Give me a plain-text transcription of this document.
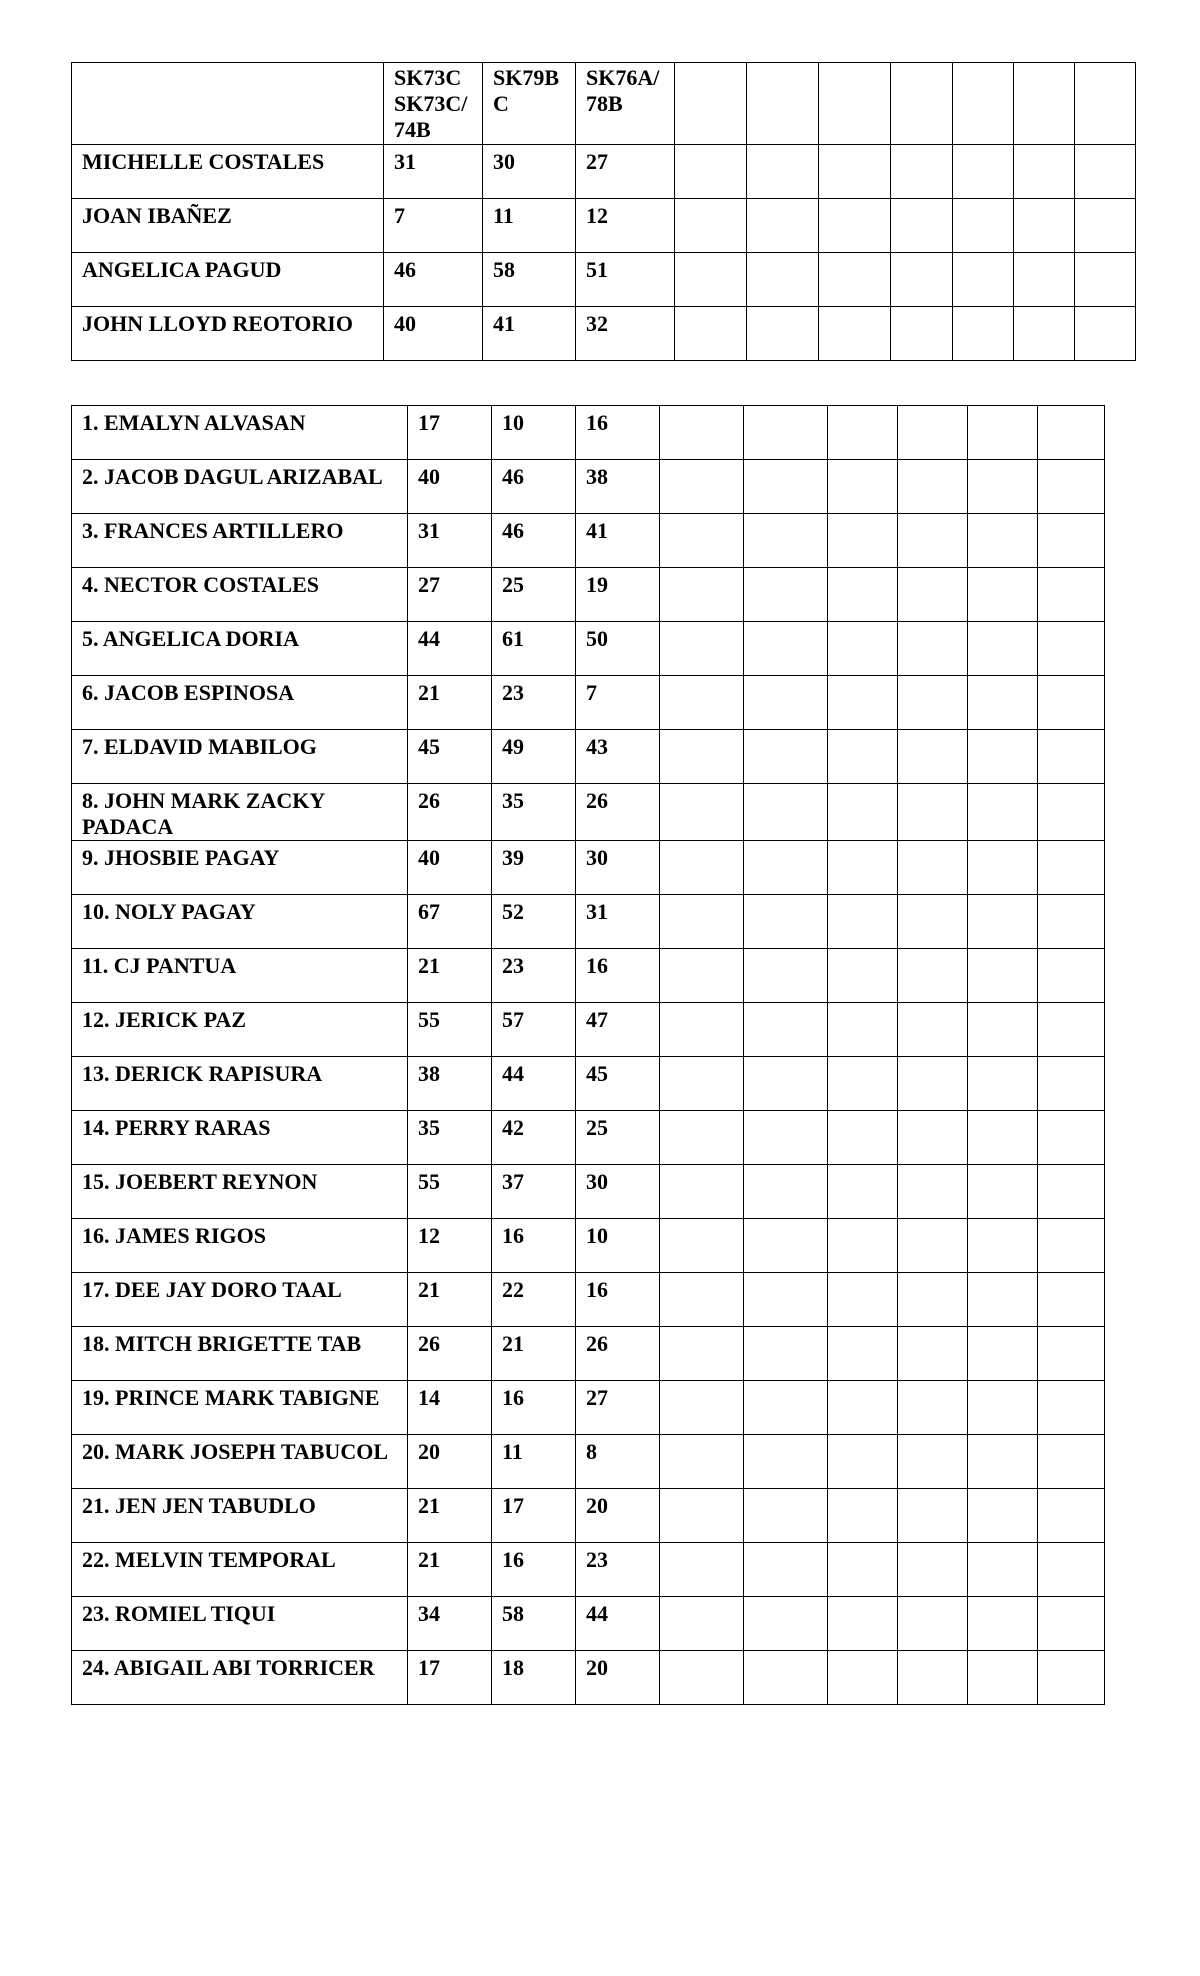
	SK73C SK73C/ 74B	SK79B C	SK76A/ 78B							
MICHELLE COSTALES	31	30	27							
JOAN IBAÑEZ	7	11	12							
ANGELICA PAGUD	46	58	51							
JOHN LLOYD REOTORIO	40	41	32							
1. EMALYN ALVASAN	17	10	16						
2. JACOB DAGUL ARIZABAL	40	46	38						
3. FRANCES ARTILLERO	31	46	41						
4. NECTOR COSTALES	27	25	19						
5. ANGELICA DORIA	44	61	50						
6. JACOB ESPINOSA	21	23	7						
7. ELDAVID MABILOG	45	49	43						
8. JOHN MARK ZACKY PADACA	26	35	26						
9. JHOSBIE PAGAY	40	39	30						
10. NOLY PAGAY	67	52	31						
11. CJ PANTUA	21	23	16						
12. JERICK PAZ	55	57	47						
13. DERICK RAPISURA	38	44	45						
14. PERRY RARAS	35	42	25						
15. JOEBERT REYNON	55	37	30						
16. JAMES RIGOS	12	16	10						
17. DEE JAY DORO TAAL	21	22	16						
18. MITCH BRIGETTE TAB	26	21	26						
19. PRINCE MARK TABIGNE	14	16	27						
20. MARK JOSEPH TABUCOL	20	11	8						
21. JEN JEN TABUDLO	21	17	20						
22. MELVIN TEMPORAL	21	16	23						
23. ROMIEL TIQUI	34	58	44						
24. ABIGAIL ABI TORRICER	17	18	20						
